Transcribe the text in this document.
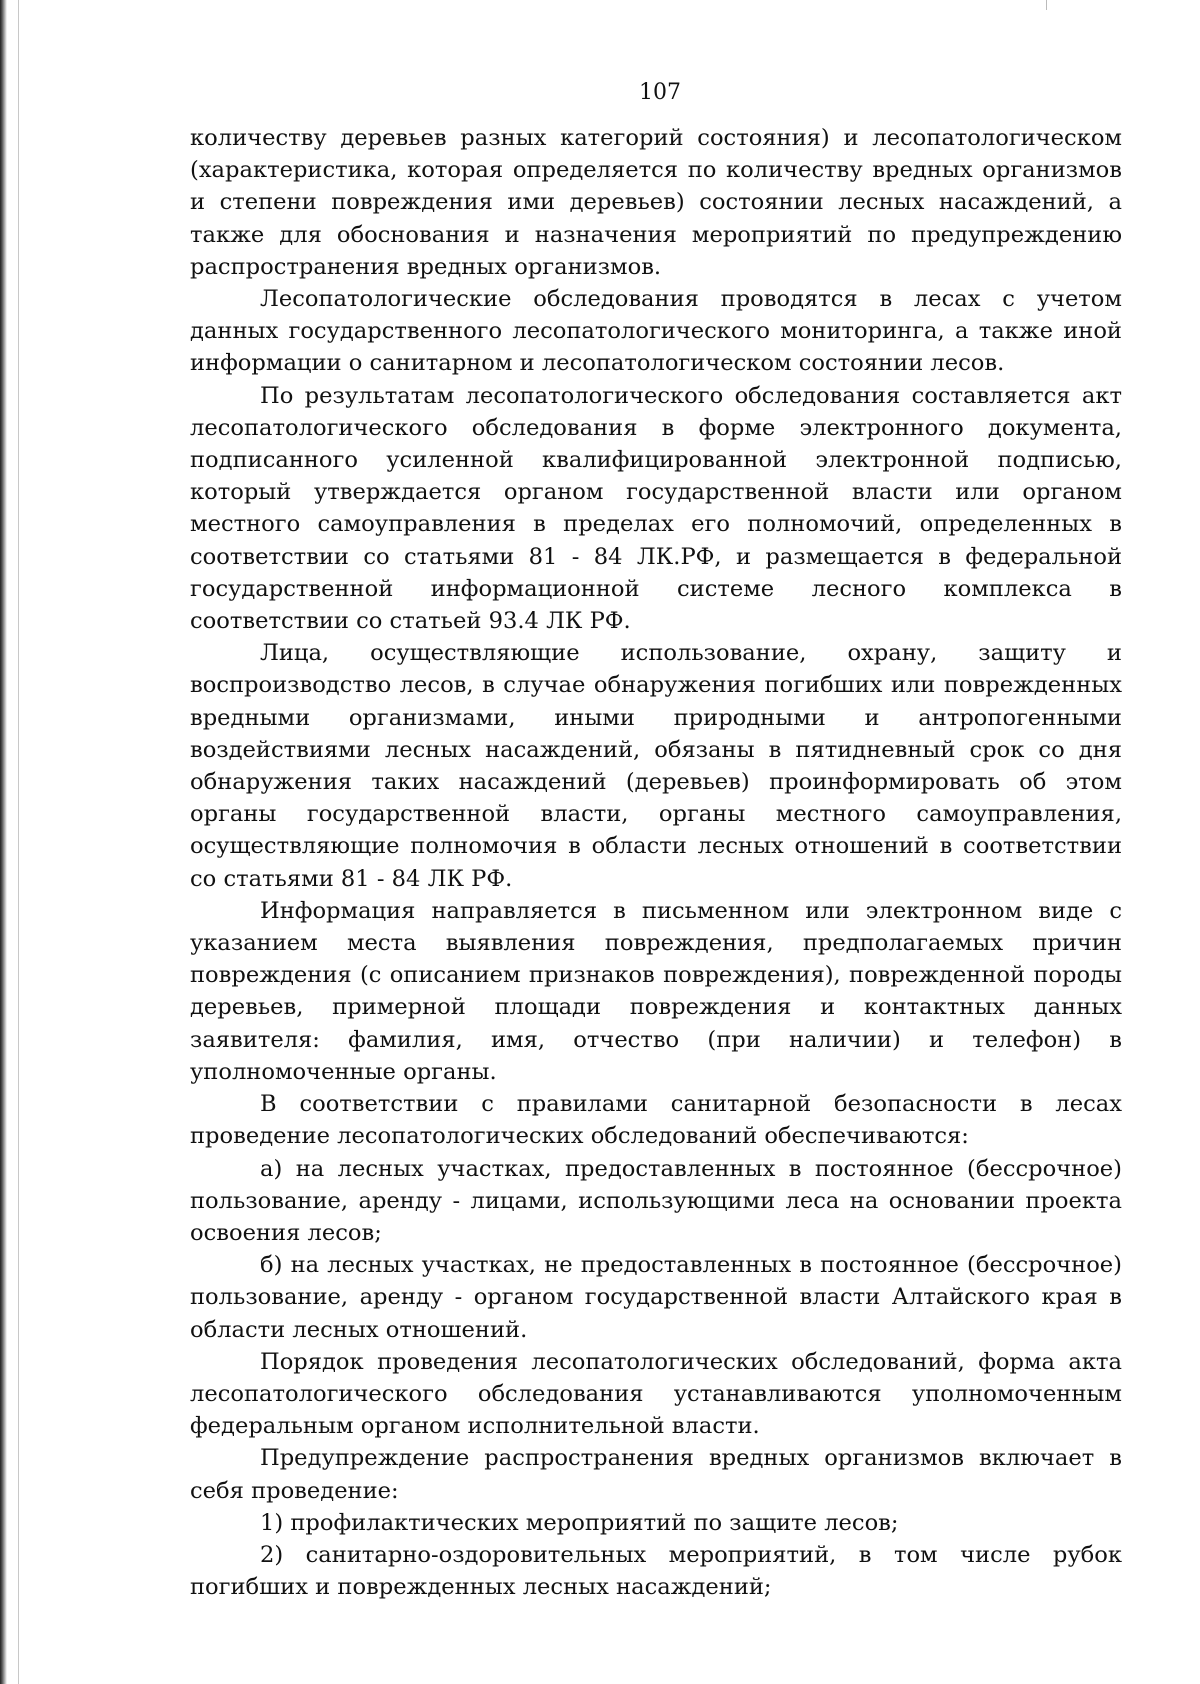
107

количеству деревьев разных категорий состояния) и лесопатологическом (характеристика, которая определяется по количеству вредных организмов и степени повреждения ими деревьев) состоянии лесных насаждений, а также для обоснования и назначения мероприятий по предупреждению распространения вредных организмов.

Лесопатологические обследования проводятся в лесах с учетом данных государственного лесопатологического мониторинга, а также иной информации о санитарном и лесопатологическом состоянии лесов.

По результатам лесопатологического обследования составляется акт лесопатологического обследования в форме электронного документа, подписанного усиленной квалифицированной электронной подписью, который утверждается органом государственной власти или органом местного самоуправления в пределах его полномочий, определенных в соответствии со статьями 81 - 84 ЛК.РФ, и размещается в федеральной государственной информационной системе лесного комплекса в соответствии со статьей 93.4 ЛК РФ.

Лица, осуществляющие использование, охрану, защиту и воспроизводство лесов, в случае обнаружения погибших или поврежденных вредными организмами, иными природными и антропогенными воздействиями лесных насаждений, обязаны в пятидневный срок со дня обнаружения таких насаждений (деревьев) проинформировать об этом органы государственной власти, органы местного самоуправления, осуществляющие полномочия в области лесных отношений в соответствии со статьями 81 - 84 ЛК РФ.

Информация направляется в письменном или электронном виде с указанием места выявления повреждения, предполагаемых причин повреждения (с описанием признаков повреждения), поврежденной породы деревьев, примерной площади повреждения и контактных данных заявителя: фамилия, имя, отчество (при наличии) и телефон) в уполномоченные органы.

В соответствии с правилами санитарной безопасности в лесах проведение лесопатологических обследований обеспечиваются:

а) на лесных участках, предоставленных в постоянное (бессрочное) пользование, аренду - лицами, использующими леса на основании проекта освоения лесов;

б) на лесных участках, не предоставленных в постоянное (бессрочное) пользование, аренду - органом государственной власти Алтайского края в области лесных отношений.

Порядок проведения лесопатологических обследований, форма акта лесопатологического обследования устанавливаются уполномоченным федеральным органом исполнительной власти.

Предупреждение распространения вредных организмов включает в себя проведение:

1) профилактических мероприятий по защите лесов;

2) санитарно-оздоровительных мероприятий, в том числе рубок погибших и поврежденных лесных насаждений;
